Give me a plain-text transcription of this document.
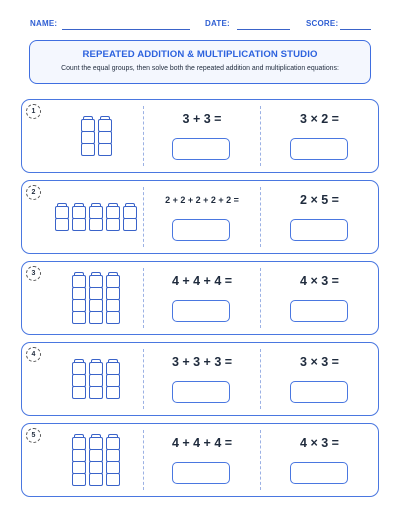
NAME:	DATE:	SCORE:
REPEATED ADDITION & MULTIPLICATION STUDIO
Count the equal groups, then solve both the repeated addition and multiplication equations:
1
3 + 3 =	3 × 2 =
2
2 + 2 + 2 + 2 + 2 =	2 × 5 =
3
4 + 4 + 4 =	4 × 3 =
4
3 + 3 + 3 =	3 × 3 =
5
4 + 4 + 4 =	4 × 3 =
